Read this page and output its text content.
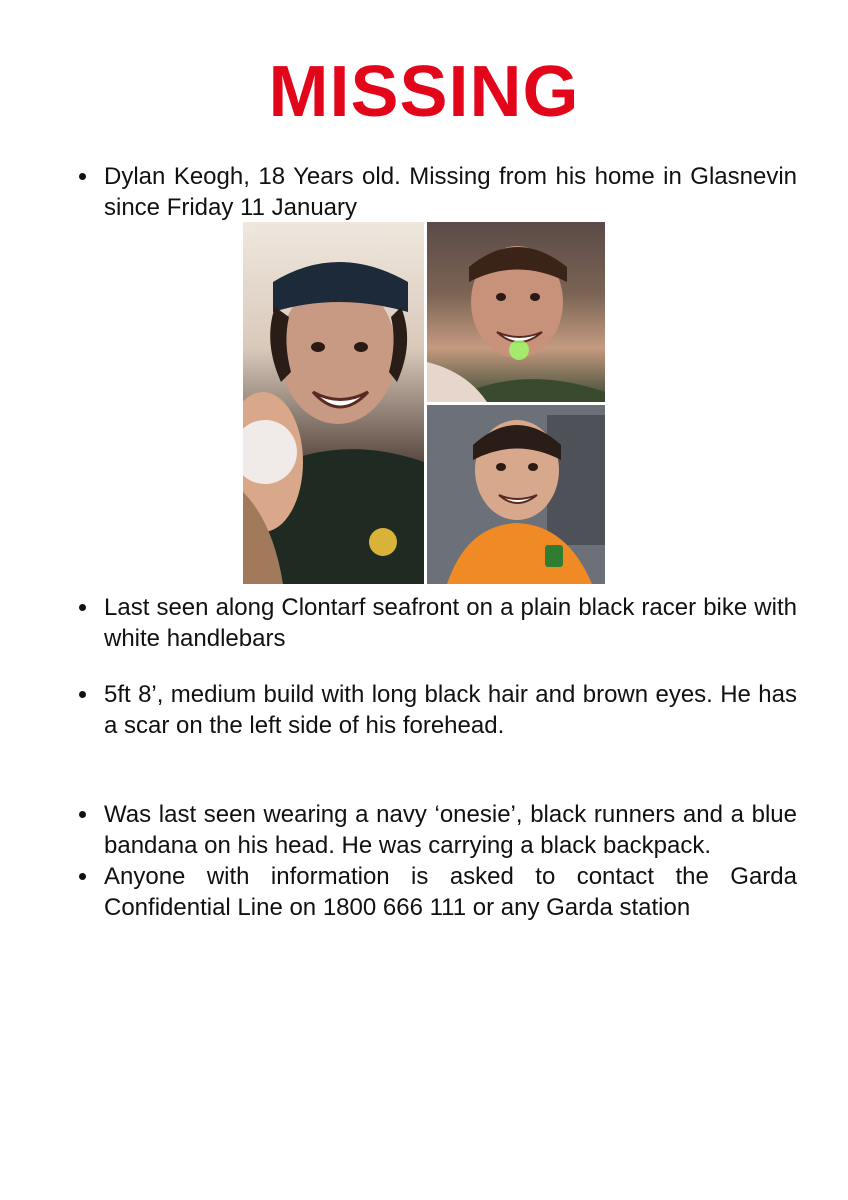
MISSING
Dylan Keogh, 18 Years old. Missing from his home in Glasnevin since Friday 11 January
Last seen along Clontarf seafront on a plain black racer bike with white handlebars
5ft 8’, medium build with long black hair and brown eyes. He has a scar on the left side of his forehead.
Was last seen wearing a navy ‘onesie’, black runners and a blue bandana on his head. He was carrying a black backpack.
Anyone with information is asked to contact the Garda Confidential Line on 1800 666 111 or any Garda station
